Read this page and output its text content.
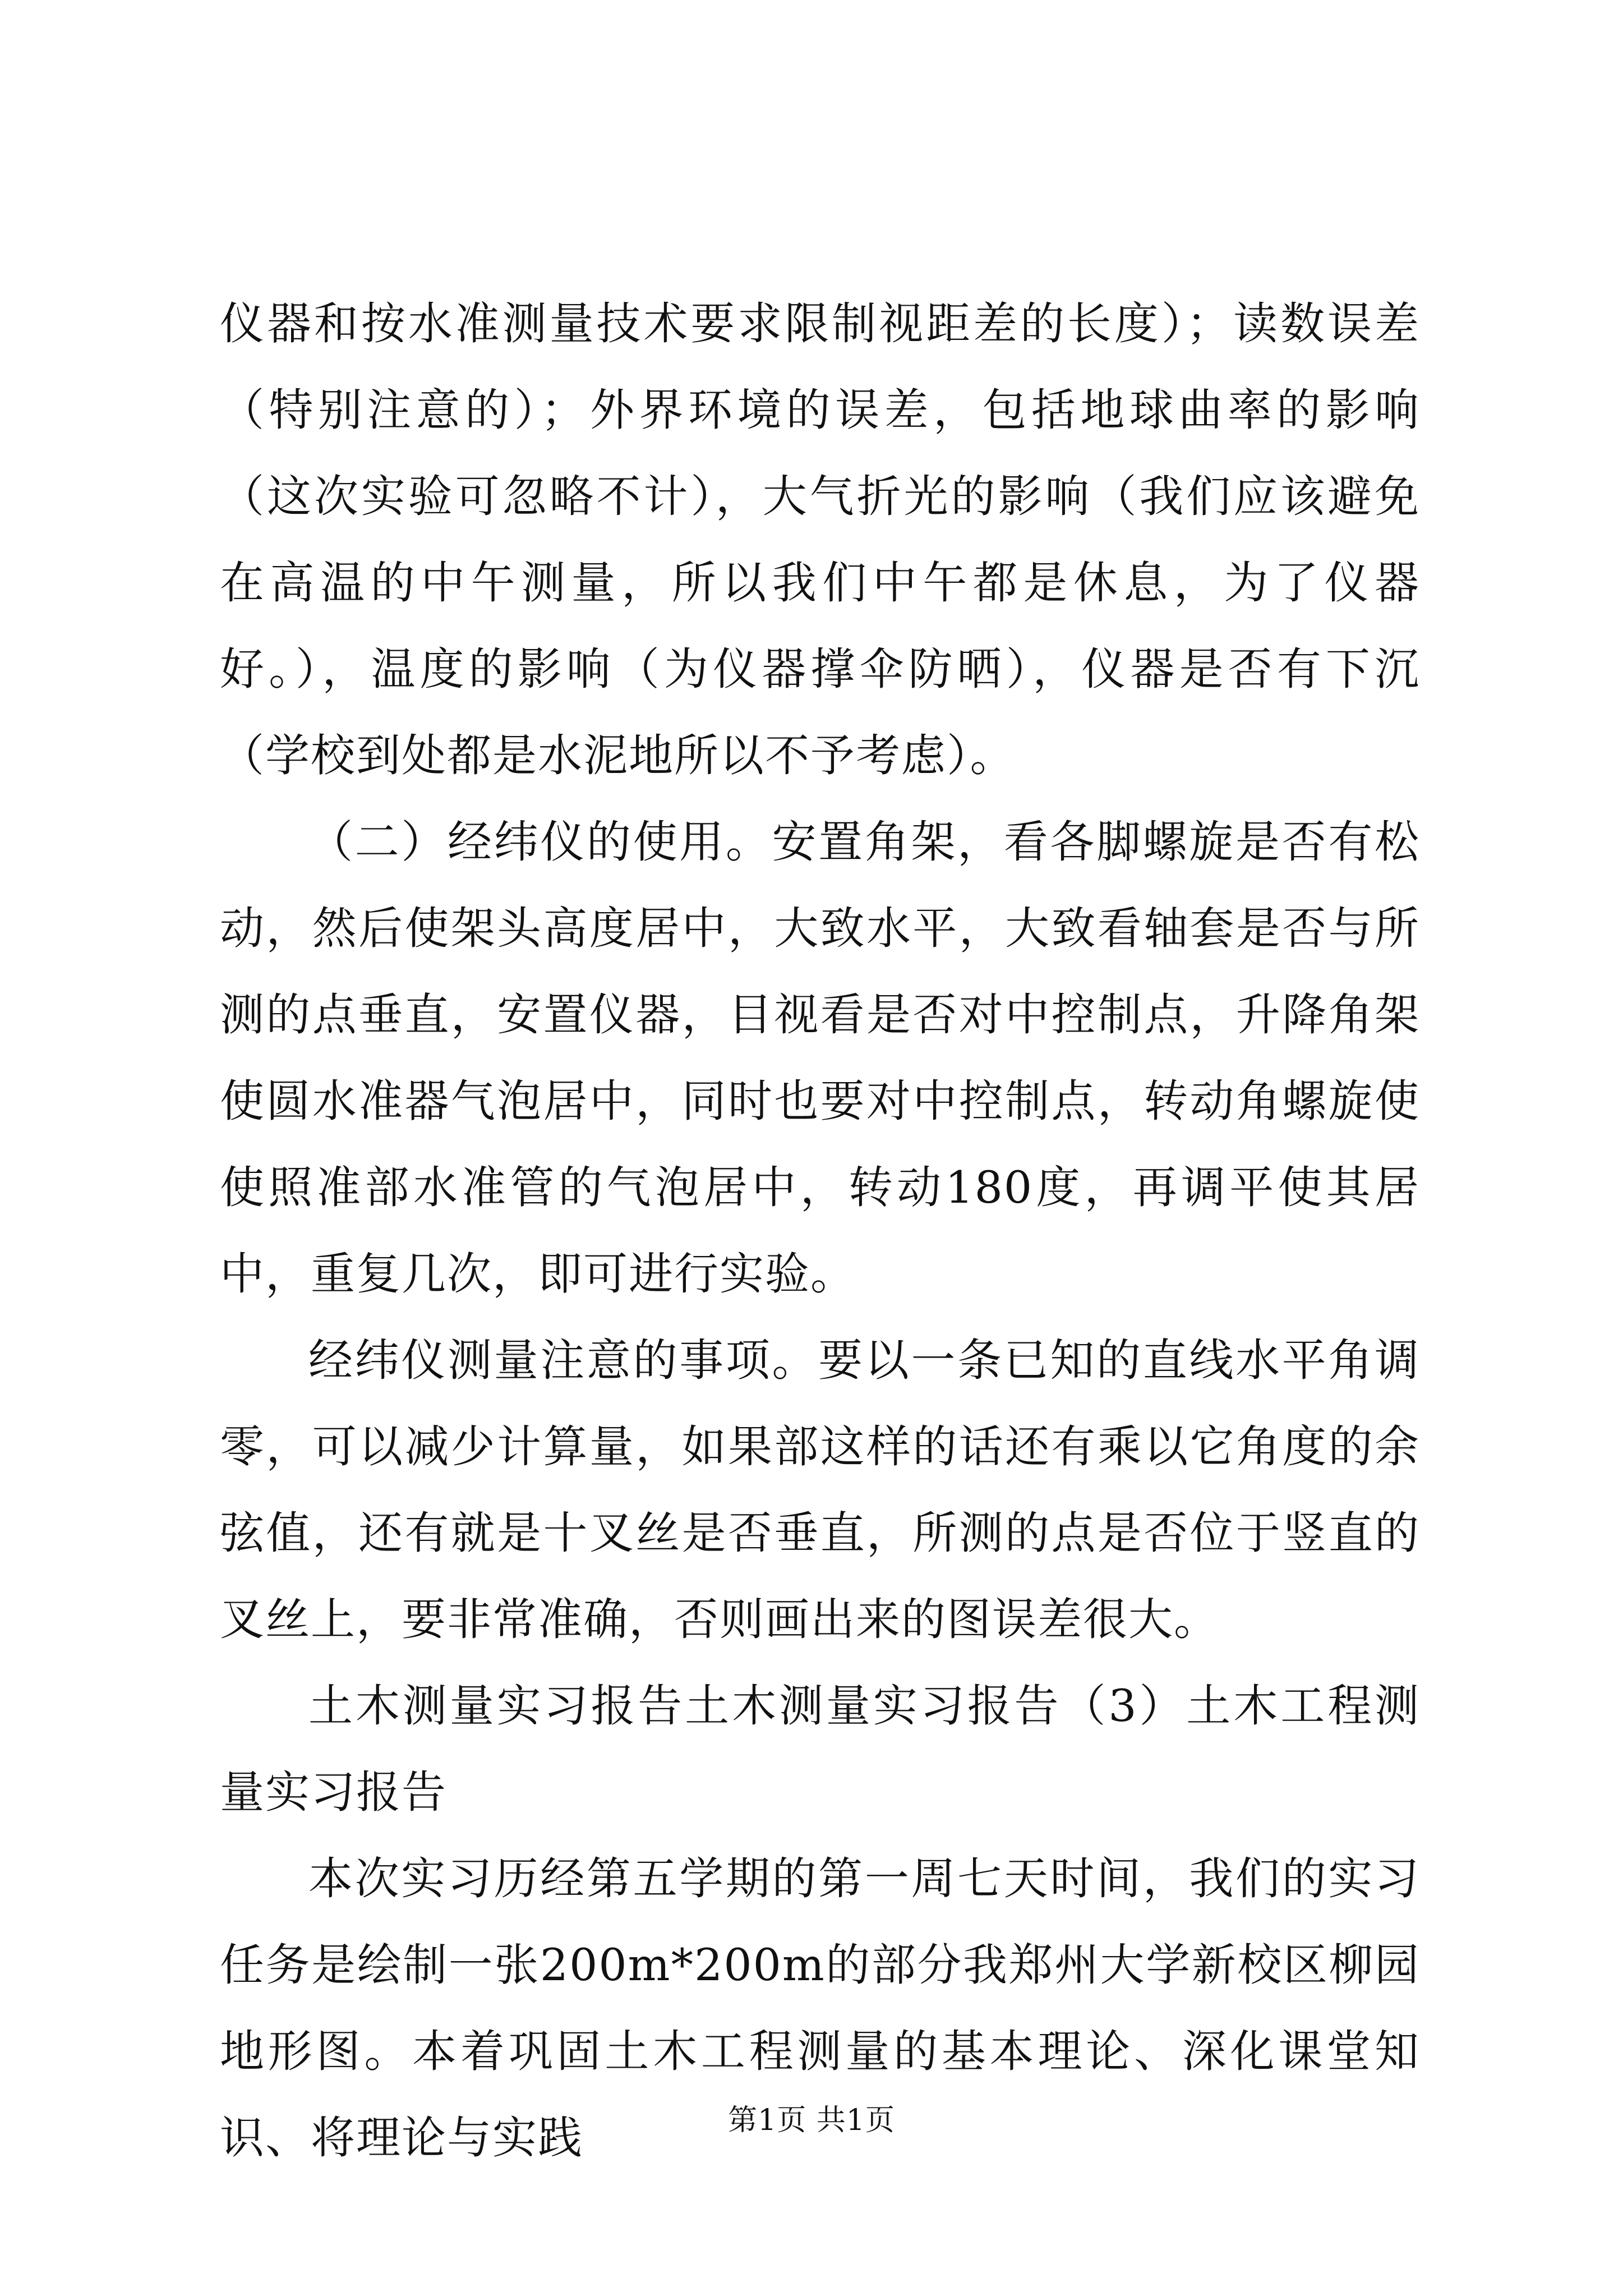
仪器和按水准测量技术要求限制视距差的长度）；读数误差（特别注意的）；外界环境的误差，包括地球曲率的影响（这次实验可忽略不计），大气折光的影响（我们应该避免在高温的中午测量，所以我们中午都是休息，为了仪器好。），温度的影响（为仪器撑伞防晒），仪器是否有下沉（学校到处都是水泥地所以不予考虑）。

（二）经纬仪的使用。安置角架，看各脚螺旋是否有松动，然后使架头高度居中，大致水平，大致看轴套是否与所测的点垂直，安置仪器，目视看是否对中控制点，升降角架使圆水准器气泡居中，同时也要对中控制点，转动角螺旋使使照准部水准管的气泡居中，转动180度，再调平使其居中，重复几次，即可进行实验。

经纬仪测量注意的事项。要以一条已知的直线水平角调零，可以减少计算量，如果部这样的话还有乘以它角度的余弦值，还有就是十叉丝是否垂直，所测的点是否位于竖直的叉丝上，要非常准确，否则画出来的图误差很大。

土木测量实习报告土木测量实习报告（3）土木工程测量实习报告

本次实习历经第五学期的第一周七天时间，我们的实习任务是绘制一张200m*200m的部分我郑州大学新校区柳园地形图。本着巩固土木工程测量的基本理论、深化课堂知识、将理论与实践	第1页 共1页
